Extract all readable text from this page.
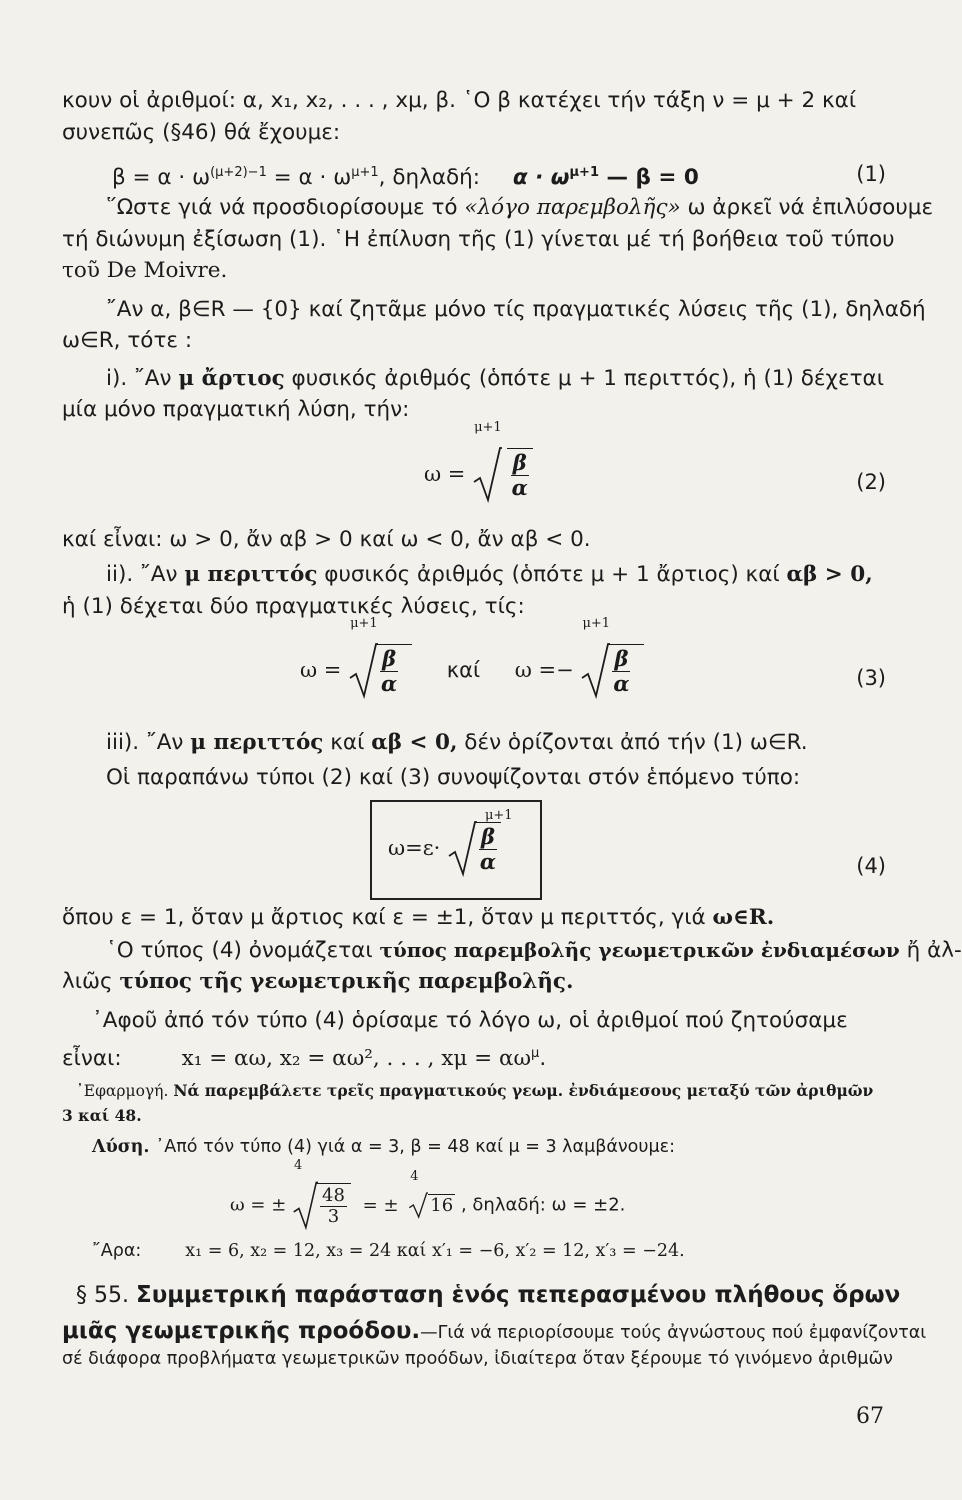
κουν οἱ ἀριθμοί: α, x₁, x₂, . . . , xμ, β. ῾Ο β κατέχει τήν τάξη ν = μ + 2 καί
συνεπῶς (§46) θά ἔχουμε:
$\beta = \alpha \cdot \omega^{(\mu+2)-1} = \alpha \cdot \omega^{\mu+1}$, δηλαδή: $\alpha \cdot \omega^{\mu+1}$ — β = 0	(1)
῞Ωστε γιά νά προσδιορίσουμε τό «λόγο παρεμβολῆς» ω ἀρκεῖ νά ἐπιλύσουμε
τή διώνυμη ἐξίσωση (1). ῾Η ἐπίλυση τῆς (1) γίνεται μέ τή βοήθεια τοῦ τύπου
τοῦ De Moivre.
῎Αν α, β∈R — {0} καί ζητᾶμε μόνο τίς πραγματικές λύσεις τῆς (1), δηλαδή
ω∈R, τότε :
i). ῎Αν μ ἄρτιος φυσικός ἀριθμός (ὁπότε μ + 1 περιττός), ἡ (1) δέχεται
μία μόνο πραγματική λύση, τήν:
ω =
μ+1

$\frac{\beta}{\alpha}$	(2)
καί εἶναι: ω > 0, ἄν αβ > 0 καί ω < 0, ἄν αβ < 0.
ii). ῎Αν μ περιττός φυσικός ἀριθμός (ὁπότε μ + 1 ἄρτιος) καί αβ > 0,
ἡ (1) δέχεται δύο πραγματικές λύσεις, τίς:
ω =
μ+1
$\frac{\beta}{\alpha}$ καί ω =−
μ+1
$\frac{\beta}{\alpha}$	(3)
iii). ῎Αν μ περιττός καί αβ < 0, δέν ὁρίζονται ἀπό τήν (1) ω∈R.
Οἱ παραπάνω τύποι (2) καί (3) συνοψίζονται στόν ἑπόμενο τύπο:
ω=ε·
μ+1
$\frac{\beta}{\alpha}$	(4)
ὅπου ε = 1, ὅταν μ ἄρτιος καί ε = ±1, ὅταν μ περιττός, γιά ω∈R.
῾Ο τύπος (4) ὀνομάζεται τύπος παρεμβολῆς γεωμετρικῶν ἐνδιαμέσων ἤ ἀλ-
λιῶς τύπος τῆς γεωμετρικῆς παρεμβολῆς.
᾿Αφοῦ ἀπό τόν τύπο (4) ὁρίσαμε τό λόγο ω, οἱ ἀριθμοί πού ζητούσαμε
εἶναι:	x₁ = αω, x₂ = αω², . . . , $x\mu = \alpha\omega^\mu$.
᾿Εφαρμογή. Νά παρεμβάλετε τρεῖς πραγματικούς γεωμ. ἐνδιάμεσους μεταξύ τῶν ἀριθμῶν
3 καί 48.
Λύση. ᾿Από τόν τύπο (4) γιά α = 3, β = 48 καί μ = 3 λαμβάνουμε:
ω = ±
4
$\frac{48}{3}$ = ±
4
16 , δηλαδή: ω = ±2.
῎Αρα:	x₁ = 6, x₂ = 12, x₃ = 24 καί x′₁ = −6, x′₂ = 12, x′₃ = −24.
§ 55. Συμμετρική παράσταση ἑνός πεπερασμένου πλήθους ὅρων
μιᾶς γεωμετρικῆς προόδου.—Γιά νά περιορίσουμε τούς ἀγνώστους πού ἐμφανίζονται
σέ διάφορα προβλήματα γεωμετρικῶν προόδων, ἰδιαίτερα ὅταν ξέρουμε τό γινόμενο ἀριθμῶν
67
